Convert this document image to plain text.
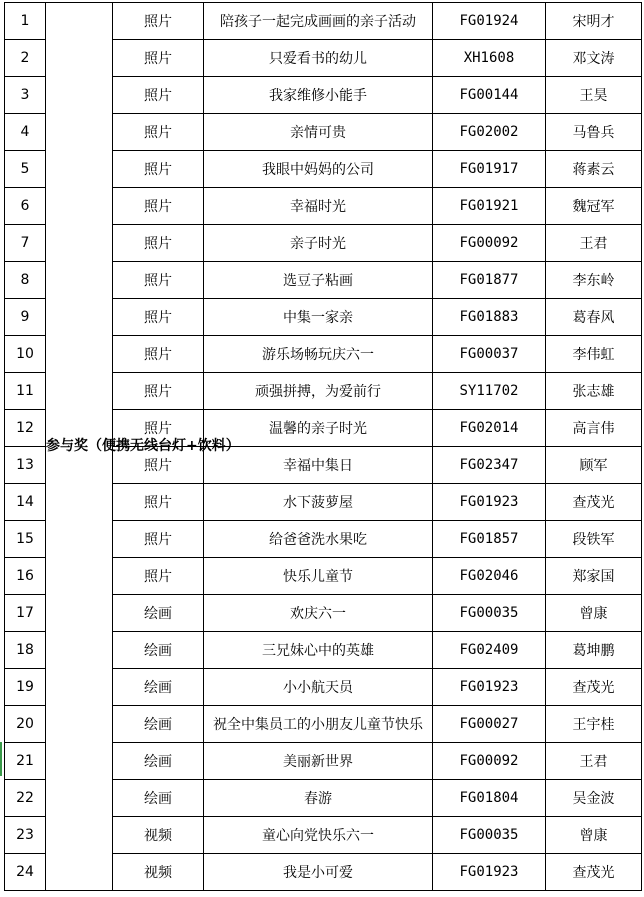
1	参与奖（便携无线台灯+饮料）	照片	陪孩子一起完成画画的亲子活动	FG01924	宋明才
2		照片	只爱看书的幼儿	XH1608	邓文涛
3		照片	我家维修小能手	FG00144	王昊
4		照片	亲情可贵	FG02002	马鲁兵
5		照片	我眼中妈妈的公司	FG01917	蒋素云
6		照片	幸福时光	FG01921	魏冠军
7		照片	亲子时光	FG00092	王君
8		照片	选豆子粘画	FG01877	李东岭
9		照片	中集一家亲	FG01883	葛春风
10		照片	游乐场畅玩庆六一	FG00037	李伟虹
11		照片	顽强拼搏，为爱前行	SY11702	张志雄
12		照片	温馨的亲子时光	FG02014	高言伟
13		照片	幸福中集日	FG02347	顾军
14		照片	水下菠萝屋	FG01923	查茂光
15		照片	给爸爸洗水果吃	FG01857	段铁军
16		照片	快乐儿童节	FG02046	郑家国
17		绘画	欢庆六一	FG00035	曾康
18		绘画	三兄妹心中的英雄	FG02409	葛坤鹏
19		绘画	小小航天员	FG01923	查茂光
20		绘画	祝全中集员工的小朋友儿童节快乐	FG00027	王宇桂
21		绘画	美丽新世界	FG00092	王君
22		绘画	春游	FG01804	吴金波
23		视频	童心向党快乐六一	FG00035	曾康
24		视频	我是小可爱	FG01923	查茂光
